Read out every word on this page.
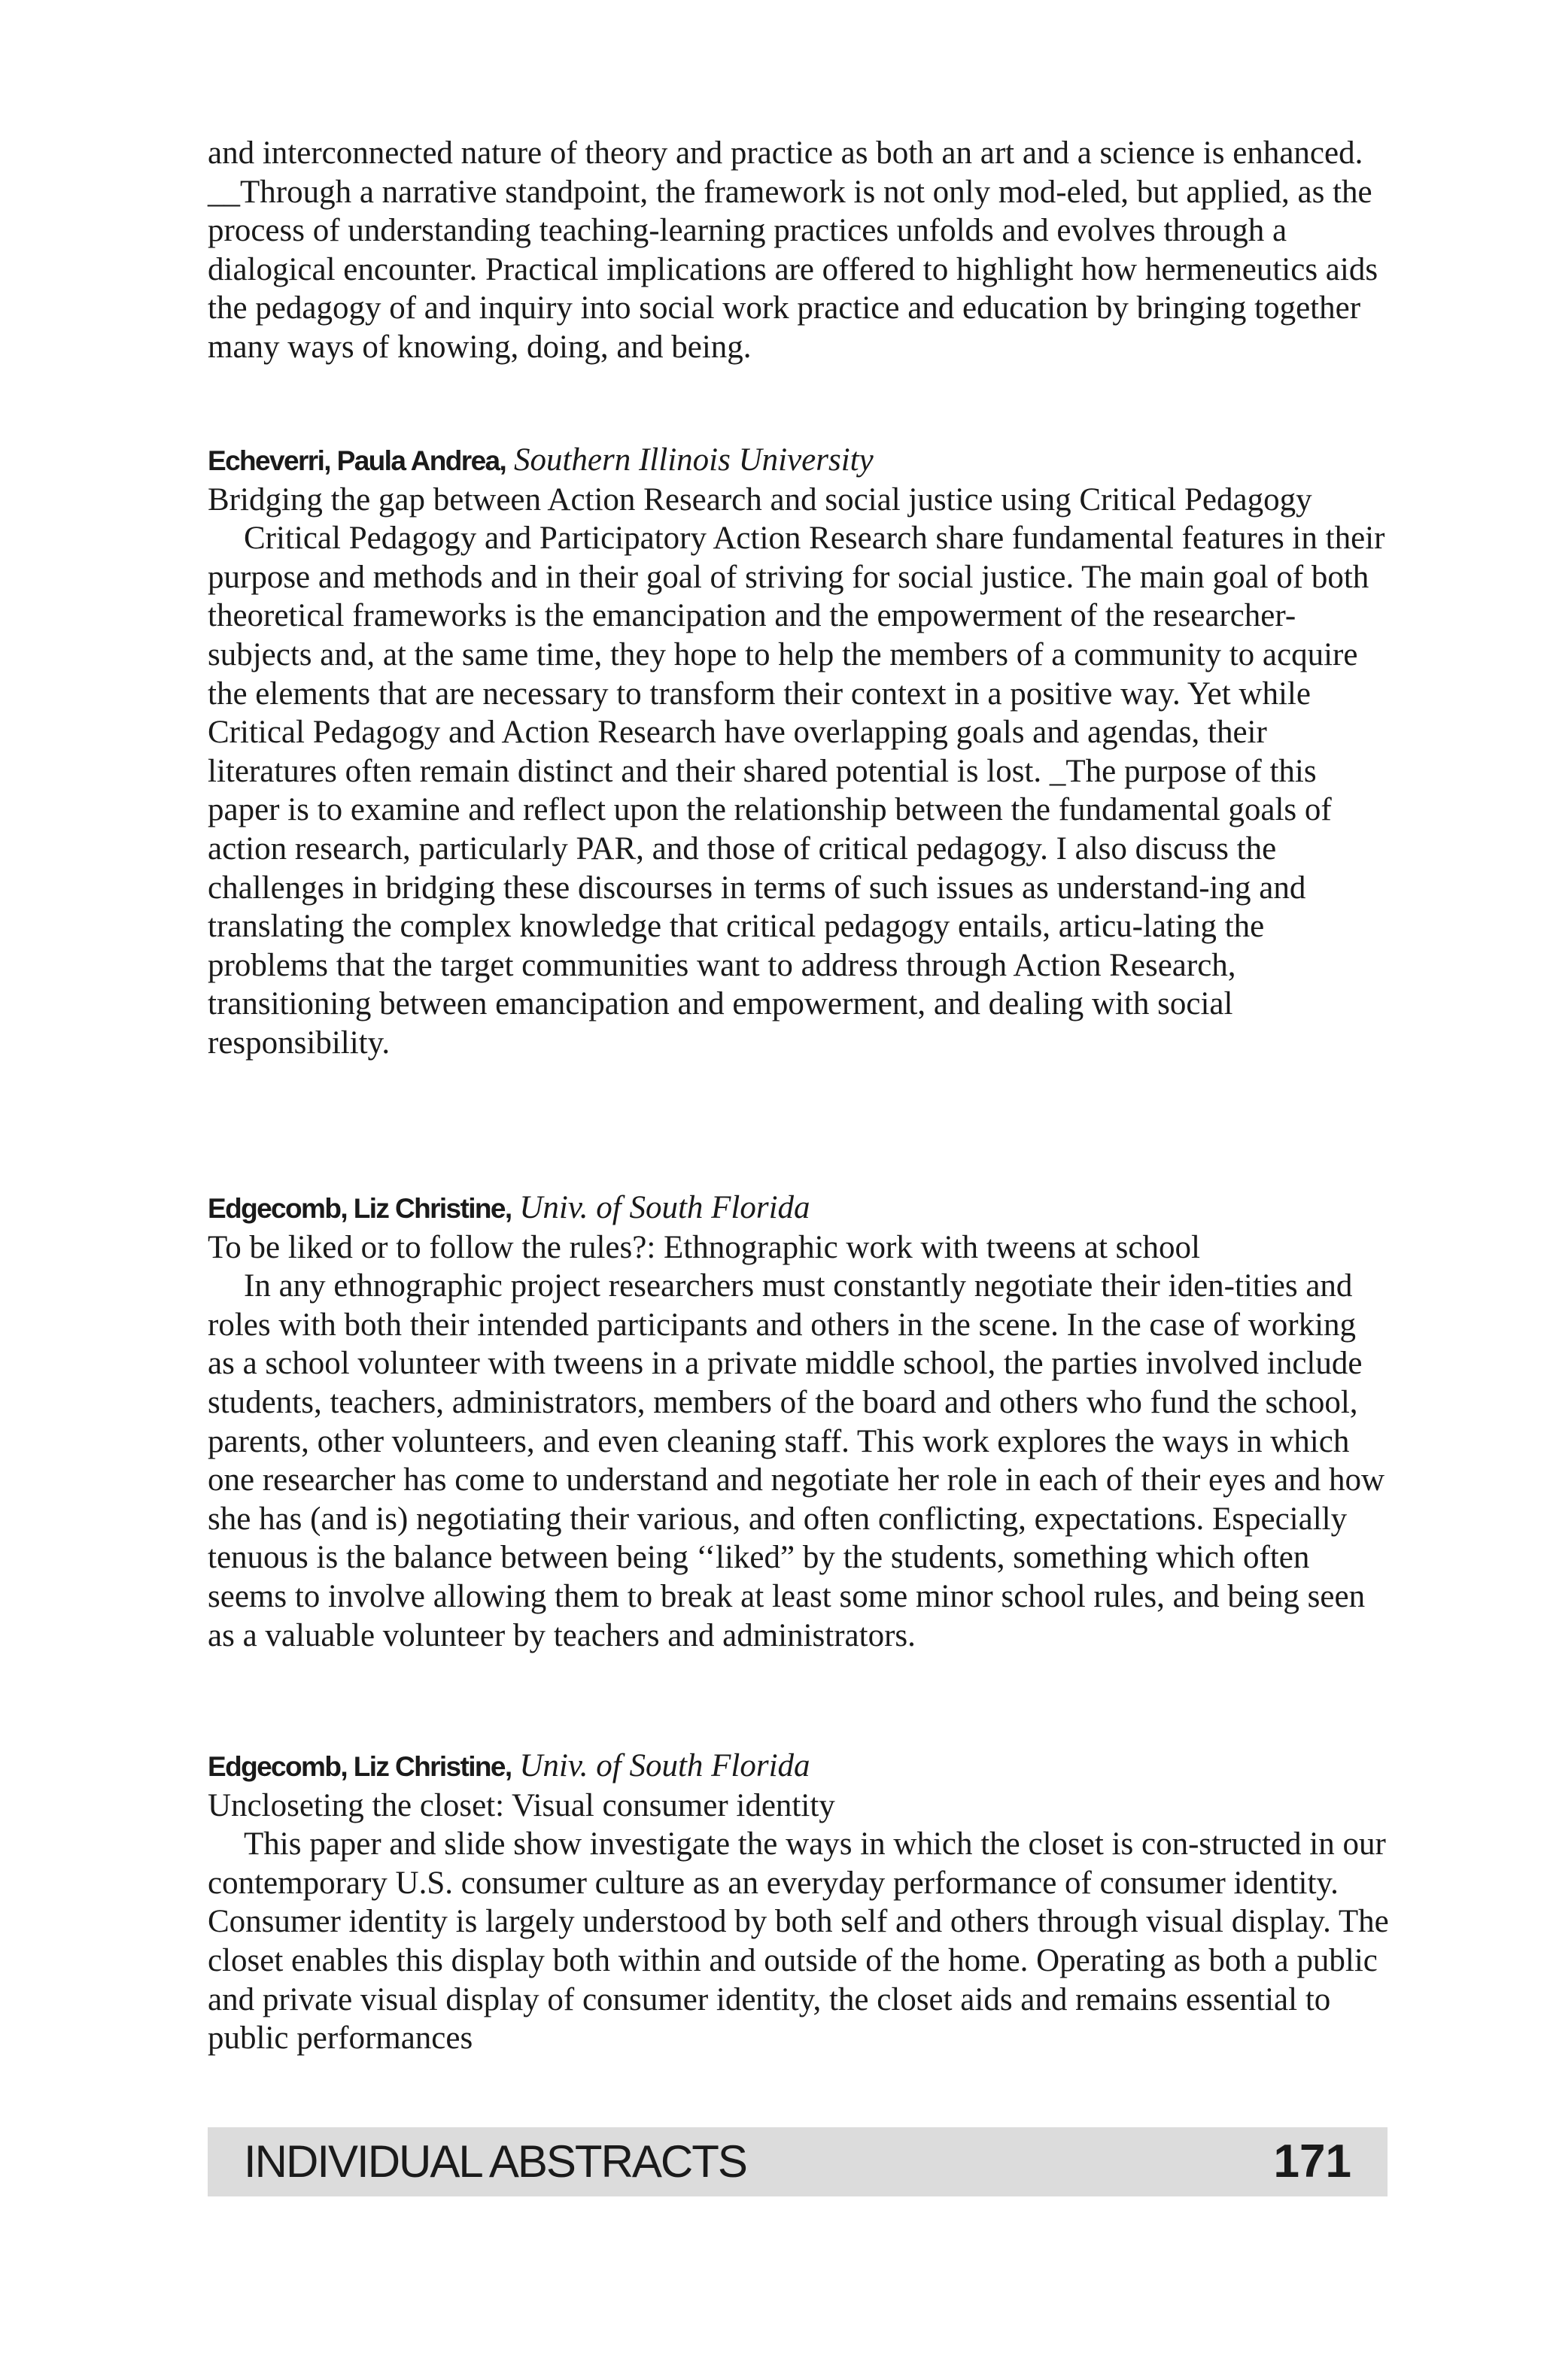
and interconnected nature of theory and practice as both an art and a science is enhanced. __Through a narrative standpoint, the framework is not only mod-eled, but applied, as the process of understanding teaching-learning practices unfolds and evolves through a dialogical encounter. Practical implications are offered to highlight how hermeneutics aids the pedagogy of and inquiry into social work practice and education by bringing together many ways of knowing, doing, and being.

Echeverri, Paula Andrea, Southern Illinois University

Bridging the gap between Action Research and social justice using Critical Pedagogy

Critical Pedagogy and Participatory Action Research share fundamental features in their purpose and methods and in their goal of striving for social justice. The main goal of both theoretical frameworks is the emancipation and the empowerment of the researcher-subjects and, at the same time, they hope to help the members of a community to acquire the elements that are necessary to transform their context in a positive way. Yet while Critical Pedagogy and Action Research have overlapping goals and agendas, their literatures often remain distinct and their shared potential is lost. _The purpose of this paper is to examine and reflect upon the relationship between the fundamental goals of action research, particularly PAR, and those of critical pedagogy. I also discuss the challenges in bridging these discourses in terms of such issues as understand-ing and translating the complex knowledge that critical pedagogy entails, articu-lating the problems that the target communities want to address through Action Research, transitioning between emancipation and empowerment, and dealing with social responsibility.

Edgecomb, Liz Christine, Univ. of South Florida

To be liked or to follow the rules?: Ethnographic work with tweens at school

In any ethnographic project researchers must constantly negotiate their iden-tities and roles with both their intended participants and others in the scene. In the case of working as a school volunteer with tweens in a private middle school, the parties involved include students, teachers, administrators, members of the board and others who fund the school, parents, other volunteers, and even cleaning staff. This work explores the ways in which one researcher has come to understand and negotiate her role in each of their eyes and how she has (and is) negotiating their various, and often conflicting, expectations. Especially tenuous is the balance between being ‘‘liked” by the students, something which often seems to involve allowing them to break at least some minor school rules, and being seen as a valuable volunteer by teachers and administrators.

Edgecomb, Liz Christine, Univ. of South Florida

Uncloseting the closet: Visual consumer identity

This paper and slide show investigate the ways in which the closet is con-structed in our contemporary U.S. consumer culture as an everyday performance of consumer identity. Consumer identity is largely understood by both self and others through visual display. The closet enables this display both within and outside of the home. Operating as both a public and private visual display of consumer identity, the closet aids and remains essential to public performances

INDIVIDUAL ABSTRACTS	171
